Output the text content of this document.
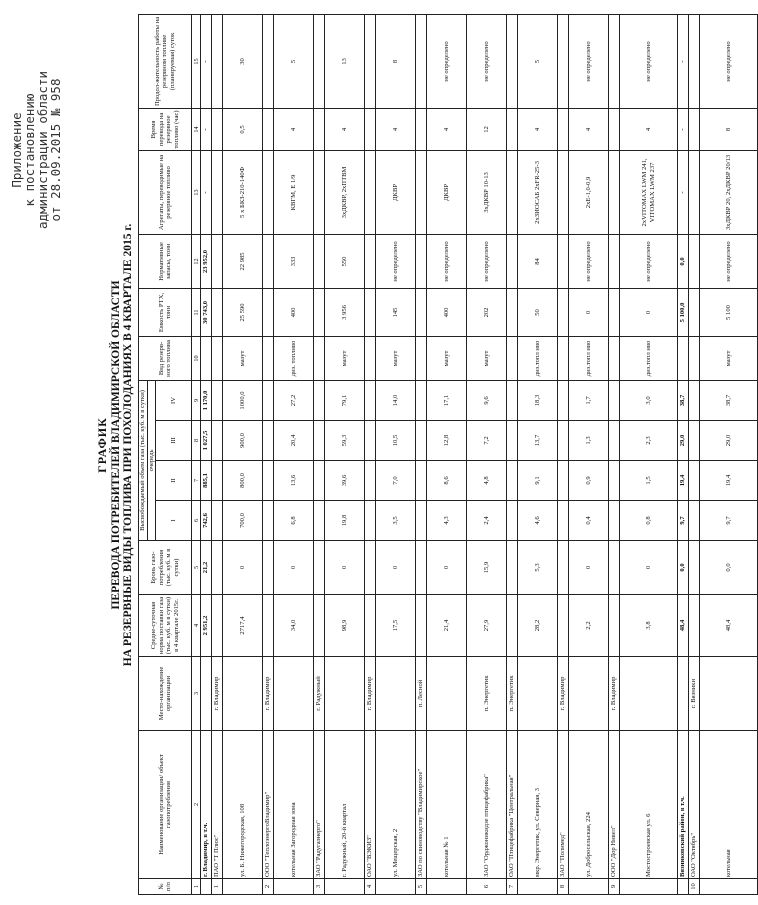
Приложение
к постановлению
администрации области
от 28.09.2015 № 958
ГРАФИК ПЕРЕВОДА ПОТРЕБИТЕЛЕЙ ВЛАДИМИРСКОЙ ОБЛАСТИ НА РЕЗЕРВНЫЕ ВИДЫ ТОПЛИВА ПРИ ПОХОЛОДАНИЯХ В 4 КВАРТАЛЕ 2015 г.
№ п/п	Наименование организации/ объект газопотребления	Место-нахождение организации	Средне-суточная норма поставки газа (тыс. куб. м в сутки) в 4 квартале 2015г.	Бронь газо-потребления (тыс. куб. м в сутки)	Высвобождаемый объем газа (тыс. куб. м в сутки)				Вид резерв-ного топлива	Емкость РТХ, тонн	Нормативные запасы, тонн	Агрегаты, переводимые на резервное топливо	Время перевода на резервное топливо (час)	Продол-жительность работы на резервном топливе (планируемая) суток
					очередь									
					I	II	III	IV						
1	2	3	4	5	6	7	8	9	10	11	12	13	14	15
	г. Владимир, в т.ч.		2 951,2	21,2	742,6	885,1	1 027,5	1 170,0		30 743,0	23 952,0	-	-	-
1	ПАО "Т Плюс"	г. Владимир												
	ул. Б. Нижегородская, 108		2717,4	0	700,0	800,0	900,0	1000,0	мазут	25 590	22 985	5 х БКЗ-210-140Ф	0,5	30
2	ООО "ТеплоэнергоВладимир"	г. Владимир												
	котельная Загородная зона		34,0	0	6,8	13,6	20,4	27,2	диз. топливо	400	333	КВГМ, Е 1/9	4	5
3	ЗАО "Радугаэнерго"	г. Радужный												
	г. Радужный, 20-й квартал		98,9	0	19,8	39,6	59,3	79,1	мазут	3 956	550	3хДКВР, 2хПТВМ	4	13
4	ОАО "ВЭКИЗ"	г. Владимир												
	ул. Мещерская, 2		17,5	0	3,5	7,0	10,5	14,0	мазут	145	не определено	ДКВР	4	8
5	ЗАО по свиноводству "Владимирское"	п. Лесной												
	котельная № 1		21,4	0	4,3	8,6	12,8	17,1	мазут	400	не определено	ДКВР	4	не определено
6	ЗАО "Орджоникидзе птицефабрика"	п. Энергетик	27,9	15,9	2,4	4,8	7,2	9,6	мазут	202	не определено	3хДКВР 10-13	12	не определено
7	ОАО "Птицефабрика "Центральная"	п. Энергетик												
	мкр. Энергетик, ул. Северная, 3		28,2	5,3	4,6	9,1	13,7	18,3	диз.топл иво	50	84	2хЗИОСАБ 2хFR-25-3	4	5
8	ЗАО "Полимед"	г. Владимир												
	ул. Добросельская, 224		2,2	0	0,4	0,9	1,3	1,7	диз.топл иво	0	не определено	2хЕ-1,0-0,9	4	не определено
9	ООО "Дор Нивел"	г. Владимир												
	Мостостроевская ул. 6		3,8	0	0,8	1,5	2,3	3,0	диз.топл иво	0	не определено	2хVITOMAX LWM 241, VITOMAX LWM 237	4	не определено
	Вязниковский район, в т.ч.		48,4	0,0	9,7	19,4	29,0	38,7		5 100,0	0,0	-	-	-
10	ОАО "Октябрь"	г. Вязники												
	котельная		48,4	0,0	9,7	19,4	29,0	38,7	мазут	5 100	не определено	3хДКВР 20, 2хДКВР 20/13	8	не определено
